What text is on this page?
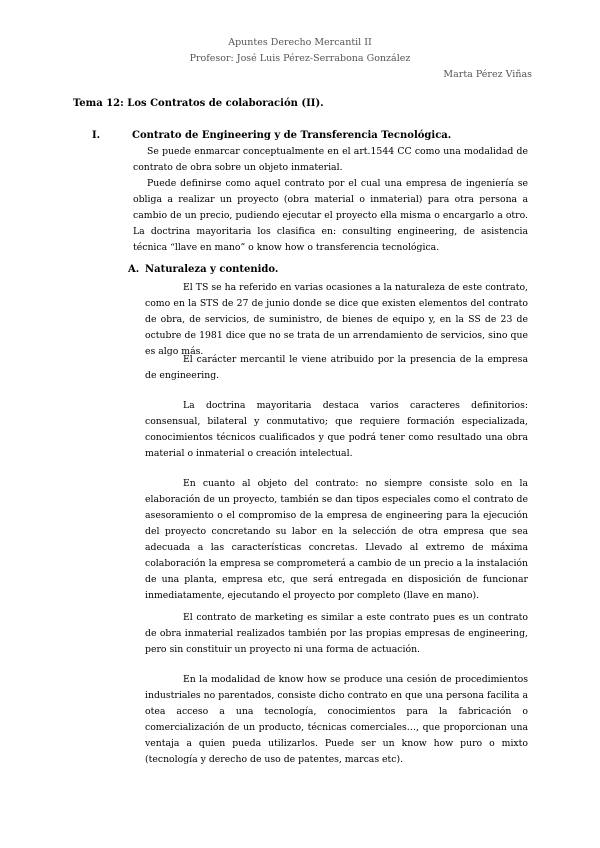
Apuntes Derecho Mercantil II
Profesor: José Luis Pérez-Serrabona González
Marta Pérez Viñas
Tema 12: Los Contratos de colaboración (II).
I.	Contrato de Engineering y de Transferencia Tecnológica.
Se puede enmarcar conceptualmente en el art.1544 CC como una modalidad de contrato de obra sobre un objeto inmaterial.
Puede definirse como aquel contrato por el cual una empresa de ingeniería se obliga a realizar un proyecto (obra material o inmaterial) para otra persona a cambio de un precio, pudiendo ejecutar el proyecto ella misma o encargarlo a otro. La doctrina mayoritaria los clasifica en: consulting engineering, de asistencia técnica “llave en mano” o know how o transferencia tecnológica.
A. Naturaleza y contenido.
El TS se ha referido en varias ocasiones a la naturaleza de este contrato, como en la STS de 27 de junio donde se dice que existen elementos del contrato de obra, de servicios, de suministro, de bienes de equipo y, en la SS de 23 de octubre de 1981 dice que no se trata de un arrendamiento de servicios, sino que es algo más.
El carácter mercantil le viene atribuido por la presencia de la empresa de engineering.
La doctrina mayoritaria destaca varios caracteres definitorios: consensual, bilateral y conmutativo; que requiere formación especializada, conocimientos técnicos cualificados y que podrá tener como resultado una obra material o inmaterial o creación intelectual.
En cuanto al objeto del contrato: no siempre consiste solo en la elaboración de un proyecto, también se dan tipos especiales como el contrato de asesoramiento o el compromiso de la empresa de engineering para la ejecución del proyecto concretando su labor en la selección de otra empresa que sea adecuada a las características concretas. Llevado al extremo de máxima colaboración la empresa se comprometerá a cambio de un precio a la instalación de una planta, empresa etc, que será entregada en disposición de funcionar inmediatamente, ejecutando el proyecto por completo (llave en mano).
El contrato de marketing es similar a este contrato pues es un contrato de obra inmaterial realizados también por las propias empresas de engineering, pero sin constituir un proyecto ni una forma de actuación.
En la modalidad de know how se produce una cesión de procedimientos industriales no parentados, consiste dicho contrato en que una persona facilita a otea acceso a una tecnología, conocimientos para la fabricación o comercialización de un producto, técnicas comerciales…, que proporcionan una ventaja a quien pueda utilizarlos. Puede ser un know how puro o mixto (tecnología y derecho de uso de patentes, marcas etc).
